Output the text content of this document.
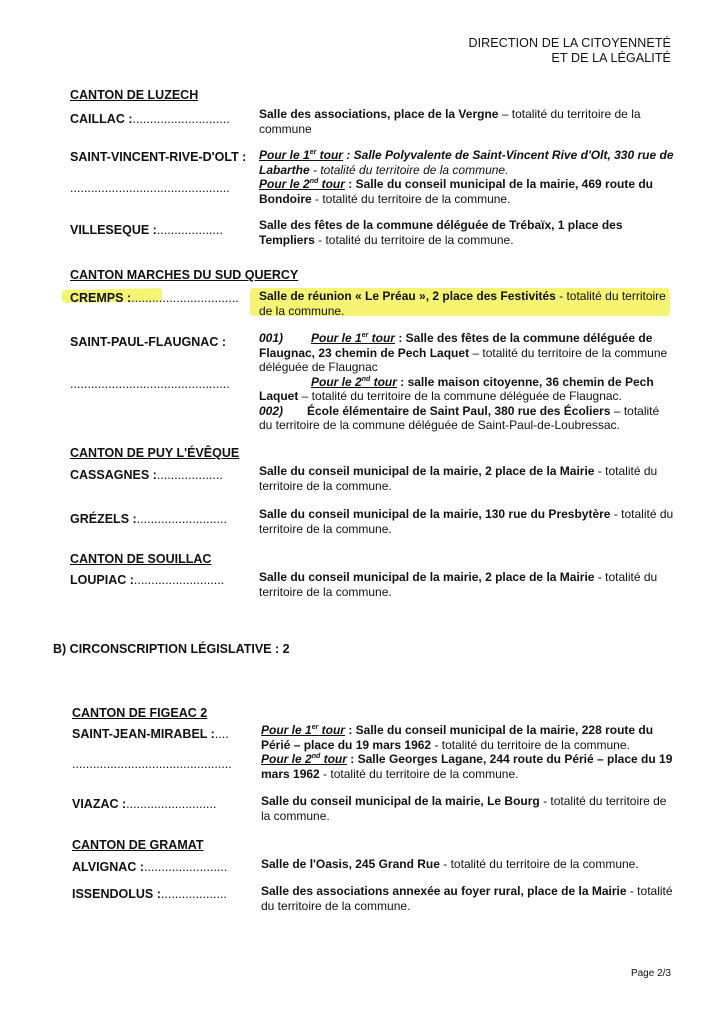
DIRECTION DE LA CITOYENNETÉ
ET DE LA LÉGALITÉ
CANTON DE LUZECH
CAILLAC :............................ Salle des associations, place de la Vergne – totalité du territoire de la commune
SAINT-VINCENT-RIVE-D'OLT :
..............................................

Pour le 1er tour : Salle Polyvalente de Saint-Vincent Rive d'Olt, 330 rue de Labarthe - totalité du territoire de la commune.

Pour le 2nd tour : Salle du conseil municipal de la mairie, 469 route du Bondoire - totalité du territoire de la commune.

VILLESEQUE :...................	Salle des fêtes de la commune déléguée de Trébaïx, 1 place des Templiers - totalité du territoire de la commune.
CANTON MARCHES DU SUD QUERCY
CREMPS :............................... Salle de réunion « Le Préau », 2 place des Festivités - totalité du territoire de la commune.
SAINT-PAUL-FLAUGNAC :
..............................................

001) Pour le 1er tour : Salle des fêtes de la commune déléguée de Flaugnac, 23 chemin de Pech Laquet – totalité du territoire de la commune déléguée de Flaugnac

Pour le 2nd tour : salle maison citoyenne, 36 chemin de Pech Laquet – totalité du territoire de la commune déléguée de Flaugnac.

002) École élémentaire de Saint Paul, 380 rue des Écoliers – totalité du territoire de la commune déléguée de Saint-Paul-de-Loubressac.

CANTON DE PUY L'ÉVÊQUE
CASSAGNES :...................	Salle du conseil municipal de la mairie, 2 place de la Mairie - totalité du territoire de la commune.
GRÉZELS :..........................	Salle du conseil municipal de la mairie, 130 rue du Presbytère - totalité du territoire de la commune.
CANTON DE SOUILLAC
LOUPIAC :..........................	Salle du conseil municipal de la mairie, 2 place de la Mairie - totalité du territoire de la commune.
B) CIRCONSCRIPTION LÉGISLATIVE : 2
CANTON DE FIGEAC 2
SAINT-JEAN-MIRABEL :....
..............................................

Pour le 1er tour : Salle du conseil municipal de la mairie, 228 route du Périé – place du 19 mars 1962 - totalité du territoire de la commune.

Pour le 2nd tour : Salle Georges Lagane, 244 route du Périé – place du 19 mars 1962 - totalité du territoire de la commune.

VIAZAC :..........................	Salle du conseil municipal de la mairie, Le Bourg - totalité du territoire de la commune.
CANTON DE GRAMAT
ALVIGNAC :........................	Salle de l'Oasis, 245 Grand Rue - totalité du territoire de la commune.
ISSENDOLUS :...................	Salle des associations annexée au foyer rural, place de la Mairie - totalité du territoire de la commune.
Page 2/3
